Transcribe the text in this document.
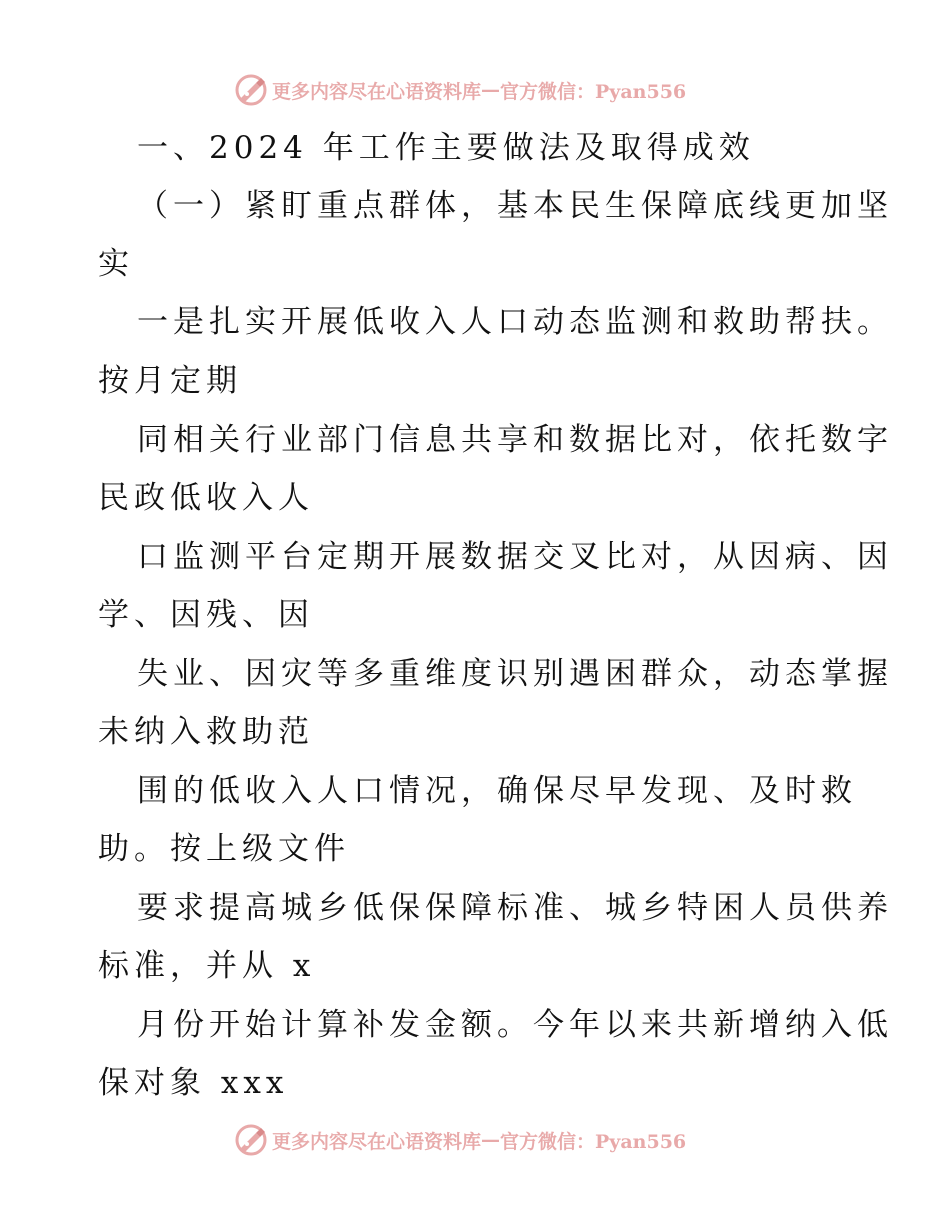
更多内容尽在心语资料库 — 官方微信：Pyan556
一、2024 年工作主要做法及取得成效
（一）紧盯重点群体，基本民生保障底线更加坚
实
一是扎实开展低收入人口动态监测和救助帮扶。
按月定期
同相关行业部门信息共享和数据比对，依托数字
民政低收入人
口监测平台定期开展数据交叉比对，从因病、因
学、因残、因
失业、因灾等多重维度识别遇困群众，动态掌握
未纳入救助范
围的低收入人口情况，确保尽早发现、及时救
助。按上级文件
要求提高城乡低保保障标准、城乡特困人员供养
标准，并从 x
月份开始计算补发金额。今年以来共新增纳入低
保对象 xxx
更多内容尽在心语资料库 — 官方微信：Pyan556
